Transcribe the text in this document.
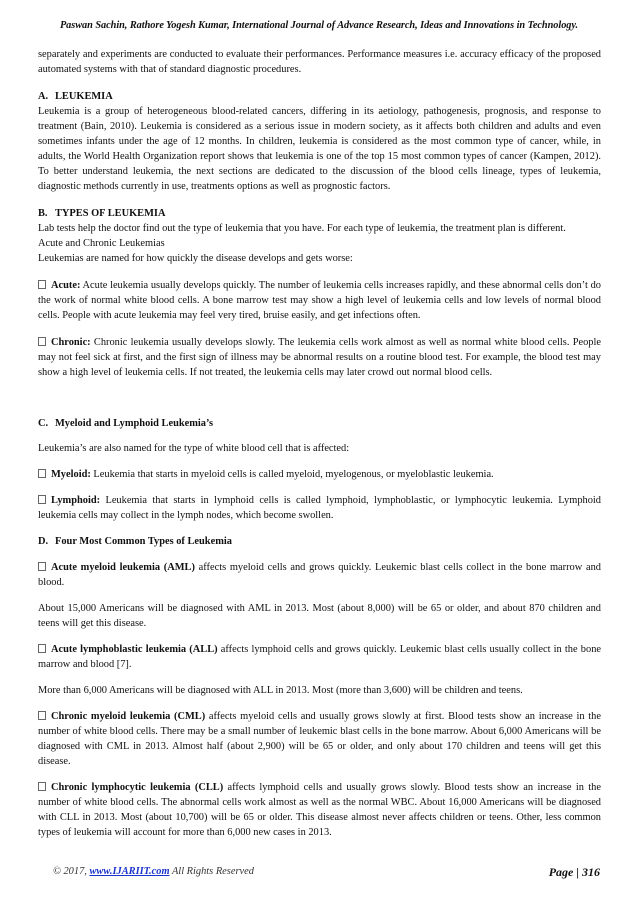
Paswan Sachin, Rathore Yogesh Kumar, International Journal of Advance Research, Ideas and Innovations in Technology.

separately and experiments are conducted to evaluate their performances. Performance measures i.e. accuracy efficacy of the proposed automated systems with that of standard diagnostic procedures.

A. LEUKEMIA

Leukemia is a group of heterogeneous blood-related cancers, differing in its aetiology, pathogenesis, prognosis, and response to treatment (Bain, 2010). Leukemia is considered as a serious issue in modern society, as it affects both children and adults and even sometimes infants under the age of 12 months. In children, leukemia is considered as the most common type of cancer, while, in adults, the World Health Organization report shows that leukemia is one of the top 15 most common types of cancer (Kampen, 2012). To better understand leukemia, the next sections are dedicated to the discussion of the blood cells lineage, types of leukemia, diagnostic methods currently in use, treatments options as well as prognostic factors.

B. TYPES OF LEUKEMIA

Lab tests help the doctor find out the type of leukemia that you have. For each type of leukemia, the treatment plan is different.

Acute and Chronic Leukemias

Leukemias are named for how quickly the disease develops and gets worse:

Acute: Acute leukemia usually develops quickly. The number of leukemia cells increases rapidly, and these abnormal cells don’t do the work of normal white blood cells. A bone marrow test may show a high level of leukemia cells and low levels of normal blood cells. People with acute leukemia may feel very tired, bruise easily, and get infections often.

Chronic: Chronic leukemia usually develops slowly. The leukemia cells work almost as well as normal white blood cells. People may not feel sick at first, and the first sign of illness may be abnormal results on a routine blood test. For example, the blood test may show a high level of leukemia cells. If not treated, the leukemia cells may later crowd out normal blood cells.

C. Myeloid and Lymphoid Leukemia’s

Leukemia’s are also named for the type of white blood cell that is affected:

Myeloid: Leukemia that starts in myeloid cells is called myeloid, myelogenous, or myeloblastic leukemia.

Lymphoid: Leukemia that starts in lymphoid cells is called lymphoid, lymphoblastic, or lymphocytic leukemia. Lymphoid leukemia cells may collect in the lymph nodes, which become swollen.

D. Four Most Common Types of Leukemia

Acute myeloid leukemia (AML) affects myeloid cells and grows quickly. Leukemic blast cells collect in the bone marrow and blood.

About 15,000 Americans will be diagnosed with AML in 2013. Most (about 8,000) will be 65 or older, and about 870 children and teens will get this disease.

Acute lymphoblastic leukemia (ALL) affects lymphoid cells and grows quickly. Leukemic blast cells usually collect in the bone marrow and blood [7].

More than 6,000 Americans will be diagnosed with ALL in 2013. Most (more than 3,600) will be children and teens.

Chronic myeloid leukemia (CML) affects myeloid cells and usually grows slowly at first. Blood tests show an increase in the number of white blood cells. There may be a small number of leukemic blast cells in the bone marrow. About 6,000 Americans will be diagnosed with CML in 2013. Almost half (about 2,900) will be 65 or older, and only about 170 children and teens will get this disease.

Chronic lymphocytic leukemia (CLL) affects lymphoid cells and usually grows slowly. Blood tests show an increase in the number of white blood cells. The abnormal cells work almost as well as the normal WBC. About 16,000 Americans will be diagnosed with CLL in 2013. Most (about 10,700) will be 65 or older. This disease almost never affects children or teens. Other, less common types of leukemia will account for more than 6,000 new cases in 2013.

© 2017, www.IJARIIT.com All Rights Reserved	Page | 316
